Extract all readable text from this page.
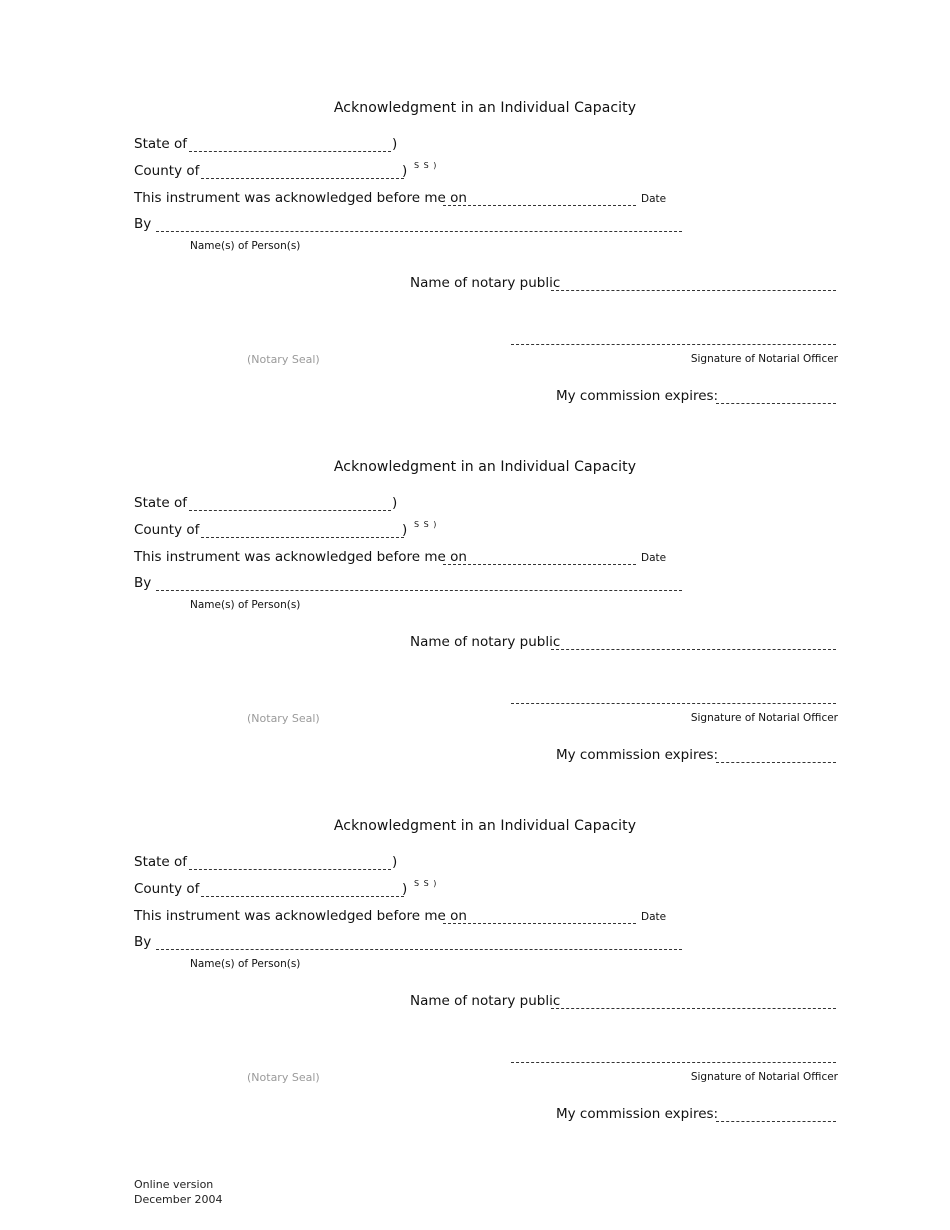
Acknowledgment in an Individual Capacity
State of	)
County of	) S S )
This instrument was acknowledged before me on	Date
By
Name(s) of Person(s)
Name of notary public
(Notary Seal)	Signature of Notarial Officer
My commission expires:
Acknowledgment in an Individual Capacity
State of	)
County of	) S S )
This instrument was acknowledged before me on	Date
By
Name(s) of Person(s)
Name of notary public
(Notary Seal)	Signature of Notarial Officer
My commission expires:
Acknowledgment in an Individual Capacity
State of	)
County of	) S S )
This instrument was acknowledged before me on	Date
By
Name(s) of Person(s)
Name of notary public
(Notary Seal)	Signature of Notarial Officer
My commission expires:
Online version
December 2004
